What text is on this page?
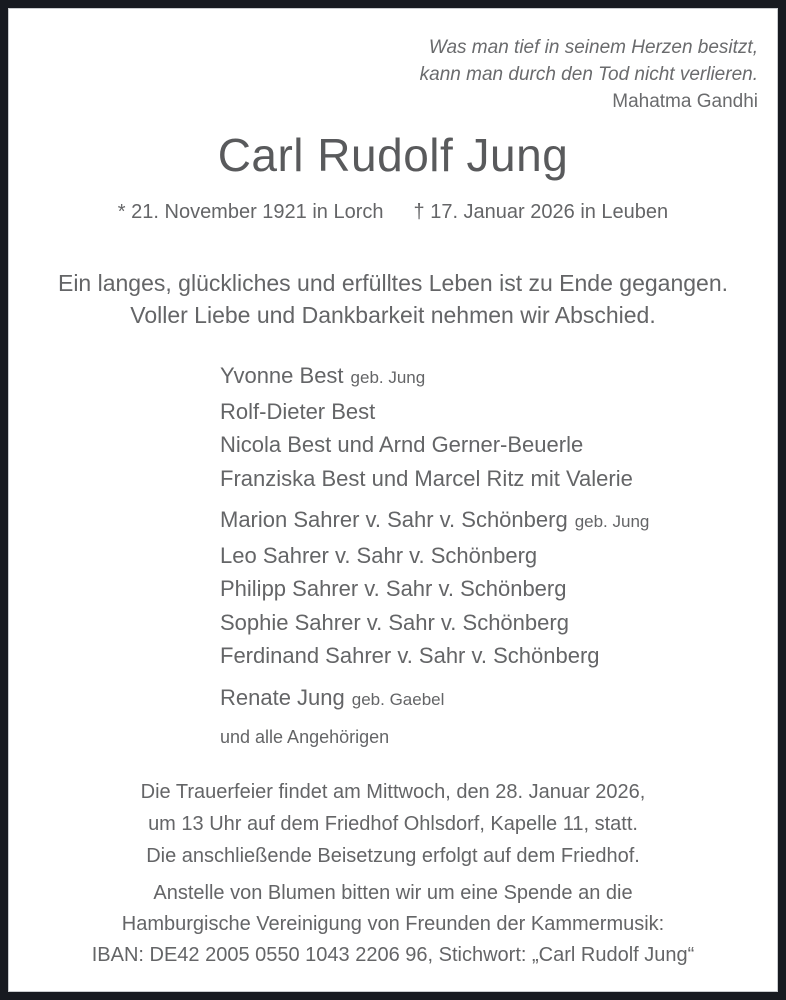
Was man tief in seinem Herzen besitzt,
kann man durch den Tod nicht verlieren.
Mahatma Gandhi
Carl Rudolf Jung
* 21. November 1921 in Lorch † 17. Januar 2026 in Leuben
Ein langes, glückliches und erfülltes Leben ist zu Ende gegangen.
Voller Liebe und Dankbarkeit nehmen wir Abschied.
Yvonne Best geb. Jung
Rolf-Dieter Best
Nicola Best und Arnd Gerner-Beuerle
Franziska Best und Marcel Ritz mit Valerie
Marion Sahrer v. Sahr v. Schönberg geb. Jung
Leo Sahrer v. Sahr v. Schönberg
Philipp Sahrer v. Sahr v. Schönberg
Sophie Sahrer v. Sahr v. Schönberg
Ferdinand Sahrer v. Sahr v. Schönberg
Renate Jung geb. Gaebel
und alle Angehörigen
Die Trauerfeier findet am Mittwoch, den 28. Januar 2026,
um 13 Uhr auf dem Friedhof Ohlsdorf, Kapelle 11, statt.
Die anschließende Beisetzung erfolgt auf dem Friedhof.
Anstelle von Blumen bitten wir um eine Spende an die
Hamburgische Vereinigung von Freunden der Kammermusik:
IBAN: DE42 2005 0550 1043 2206 96, Stichwort: „Carl Rudolf Jung“
